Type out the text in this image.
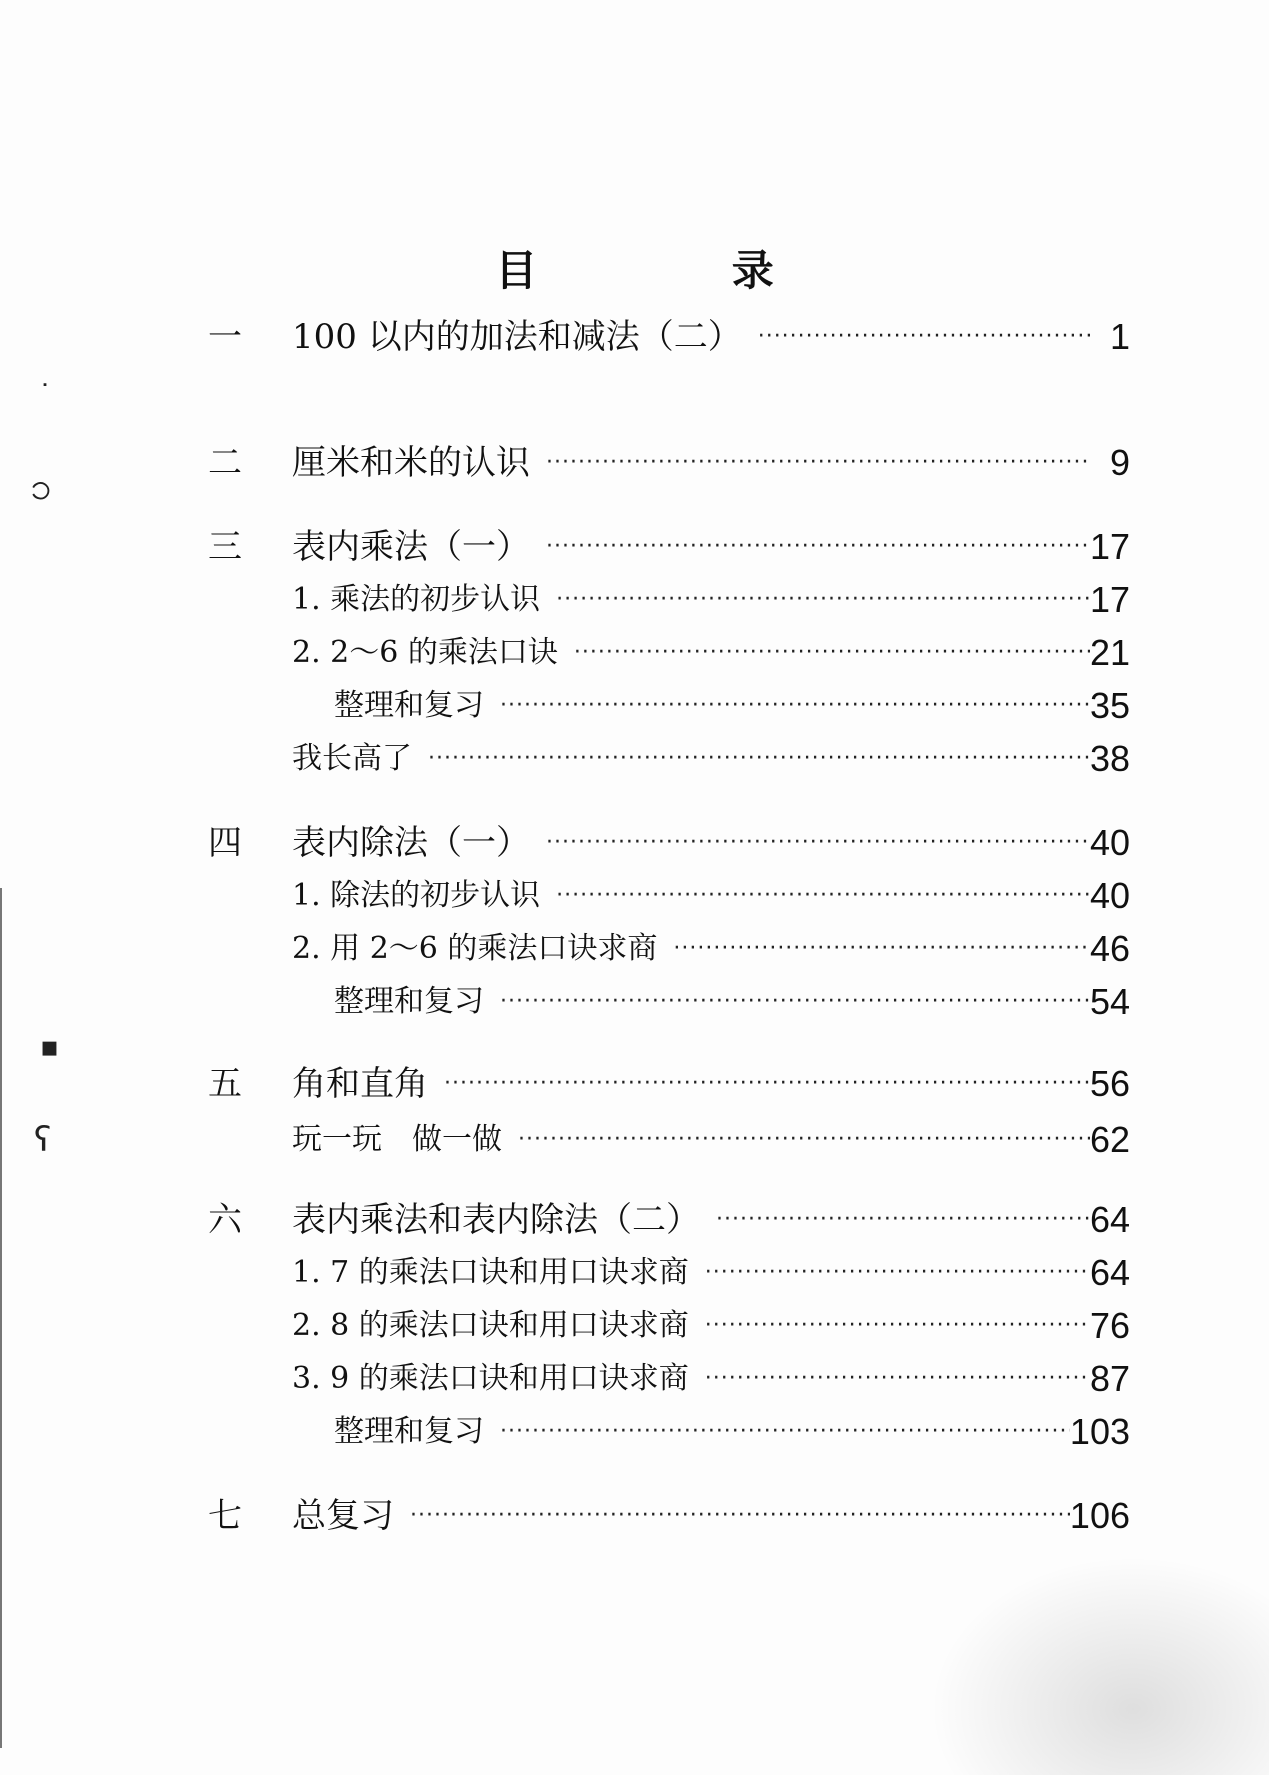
˙
၁
▪
ʕ
目 录
一	100 以内的加法和减法（二） ·····	1
二	厘米和米的认识 ·····	9
三	表内乘法（一） ·····	17
1. 乘法的初步认识 ·····	17
2. 2～6 的乘法口诀 ·····	21
整理和复习 ·····	35
我长高了 ·····	38
四	表内除法（一） ·····	40
1. 除法的初步认识 ·····	40
2. 用 2～6 的乘法口诀求商 ·····	46
整理和复习 ·····	54
五	角和直角 ·····	56
玩一玩　做一做 ·····	62
六	表内乘法和表内除法（二） ·····	64
1. 7 的乘法口诀和用口诀求商 ·····	64
2. 8 的乘法口诀和用口诀求商 ·····	76
3. 9 的乘法口诀和用口诀求商 ·····	87
整理和复习 ·····	103
七	总复习 ·····	106
